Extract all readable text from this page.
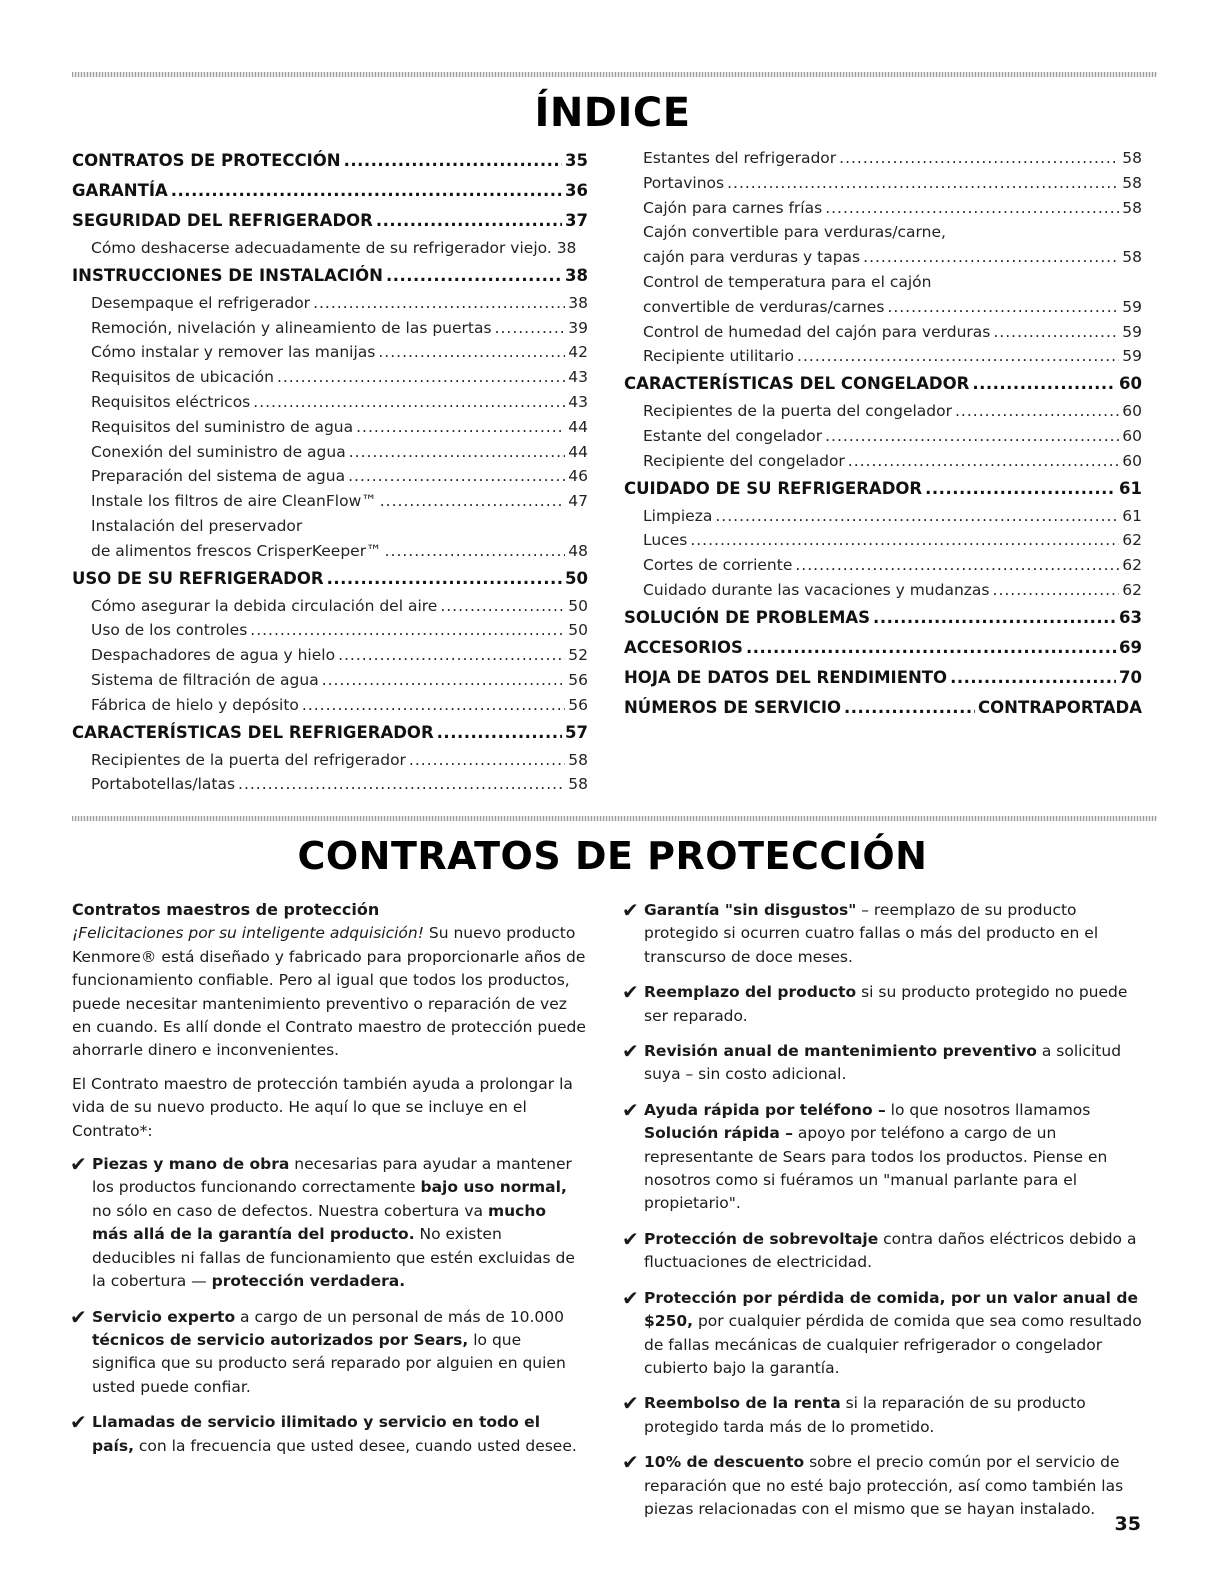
ÍNDICE
CONTRATOS DE PROTECCIÓN .....	35
GARANTÍA .....	36
SEGURIDAD DEL REFRIGERADOR .....	37
Cómo deshacerse adecuadamente de su refrigerador viejo. 38
INSTRUCCIONES DE INSTALACIÓN .....	38
Desempaque el refrigerador .....	38
Remoción, nivelación y alineamiento de las puertas .....	39
Cómo instalar y remover las manijas .....	42
Requisitos de ubicación .....	43
Requisitos eléctricos .....	43
Requisitos del suministro de agua .....	44
Conexión del suministro de agua .....	44
Preparación del sistema de agua .....	46
Instale los filtros de aire CleanFlow™ .....	47
Instalación del preservador
de alimentos frescos CrisperKeeper™ .....	48
USO DE SU REFRIGERADOR .....	50
Cómo asegurar la debida circulación del aire .....	50
Uso de los controles .....	50
Despachadores de agua y hielo .....	52
Sistema de filtración de agua .....	56
Fábrica de hielo y depósito .....	56
CARACTERÍSTICAS DEL REFRIGERADOR .....	57
Recipientes de la puerta del refrigerador .....	58
Portabotellas/latas .....	58
Estantes del refrigerador .....	58
Portavinos .....	58
Cajón para carnes frías .....	58
Cajón convertible para verduras/carne,
cajón para verduras y tapas .....	58
Control de temperatura para el cajón
convertible de verduras/carnes .....	59
Control de humedad del cajón para verduras .....	59
Recipiente utilitario .....	59
CARACTERÍSTICAS DEL CONGELADOR .....	60
Recipientes de la puerta del congelador .....	60
Estante del congelador .....	60
Recipiente del congelador .....	60
CUIDADO DE SU REFRIGERADOR .....	61
Limpieza .....	61
Luces .....	62
Cortes de corriente .....	62
Cuidado durante las vacaciones y mudanzas .....	62
SOLUCIÓN DE PROBLEMAS .....	63
ACCESORIOS .....	69
HOJA DE DATOS DEL RENDIMIENTO .....	70
NÚMEROS DE SERVICIO .....	CONTRAPORTADA
CONTRATOS DE PROTECCIÓN
Contratos maestros de protección

¡Felicitaciones por su inteligente adquisición! Su nuevo producto Kenmore® está diseñado y fabricado para proporcionarle años de funcionamiento confiable. Pero al igual que todos los productos, puede necesitar mantenimiento preventivo o reparación de vez en cuando. Es allí donde el Contrato maestro de protección puede ahorrarle dinero e inconvenientes.

El Contrato maestro de protección también ayuda a prolongar la vida de su nuevo producto. He aquí lo que se incluye en el Contrato*:

✔ Piezas y mano de obra necesarias para ayudar a mantener los productos funcionando correctamente bajo uso normal, no sólo en caso de defectos. Nuestra cobertura va mucho más allá de la garantía del producto. No existen deducibles ni fallas de funcionamiento que estén excluidas de la cobertura — protección verdadera.
✔ Servicio experto a cargo de un personal de más de 10.000 técnicos de servicio autorizados por Sears, lo que significa que su producto será reparado por alguien en quien usted puede confiar.
✔ Llamadas de servicio ilimitado y servicio en todo el país, con la frecuencia que usted desee, cuando usted desee.
✔ Garantía "sin disgustos" – reemplazo de su producto protegido si ocurren cuatro fallas o más del producto en el transcurso de doce meses.
✔ Reemplazo del producto si su producto protegido no puede ser reparado.
✔ Revisión anual de mantenimiento preventivo a solicitud suya – sin costo adicional.
✔ Ayuda rápida por teléfono – lo que nosotros llamamos Solución rápida – apoyo por teléfono a cargo de un representante de Sears para todos los productos. Piense en nosotros como si fuéramos un "manual parlante para el propietario".
✔ Protección de sobrevoltaje contra daños eléctricos debido a fluctuaciones de electricidad.
✔ Protección por pérdida de comida, por un valor anual de $250, por cualquier pérdida de comida que sea como resultado de fallas mecánicas de cualquier refrigerador o congelador cubierto bajo la garantía.
✔ Reembolso de la renta si la reparación de su producto protegido tarda más de lo prometido.
✔ 10% de descuento sobre el precio común por el servicio de reparación que no esté bajo protección, así como también las piezas relacionadas con el mismo que se hayan instalado.
35
